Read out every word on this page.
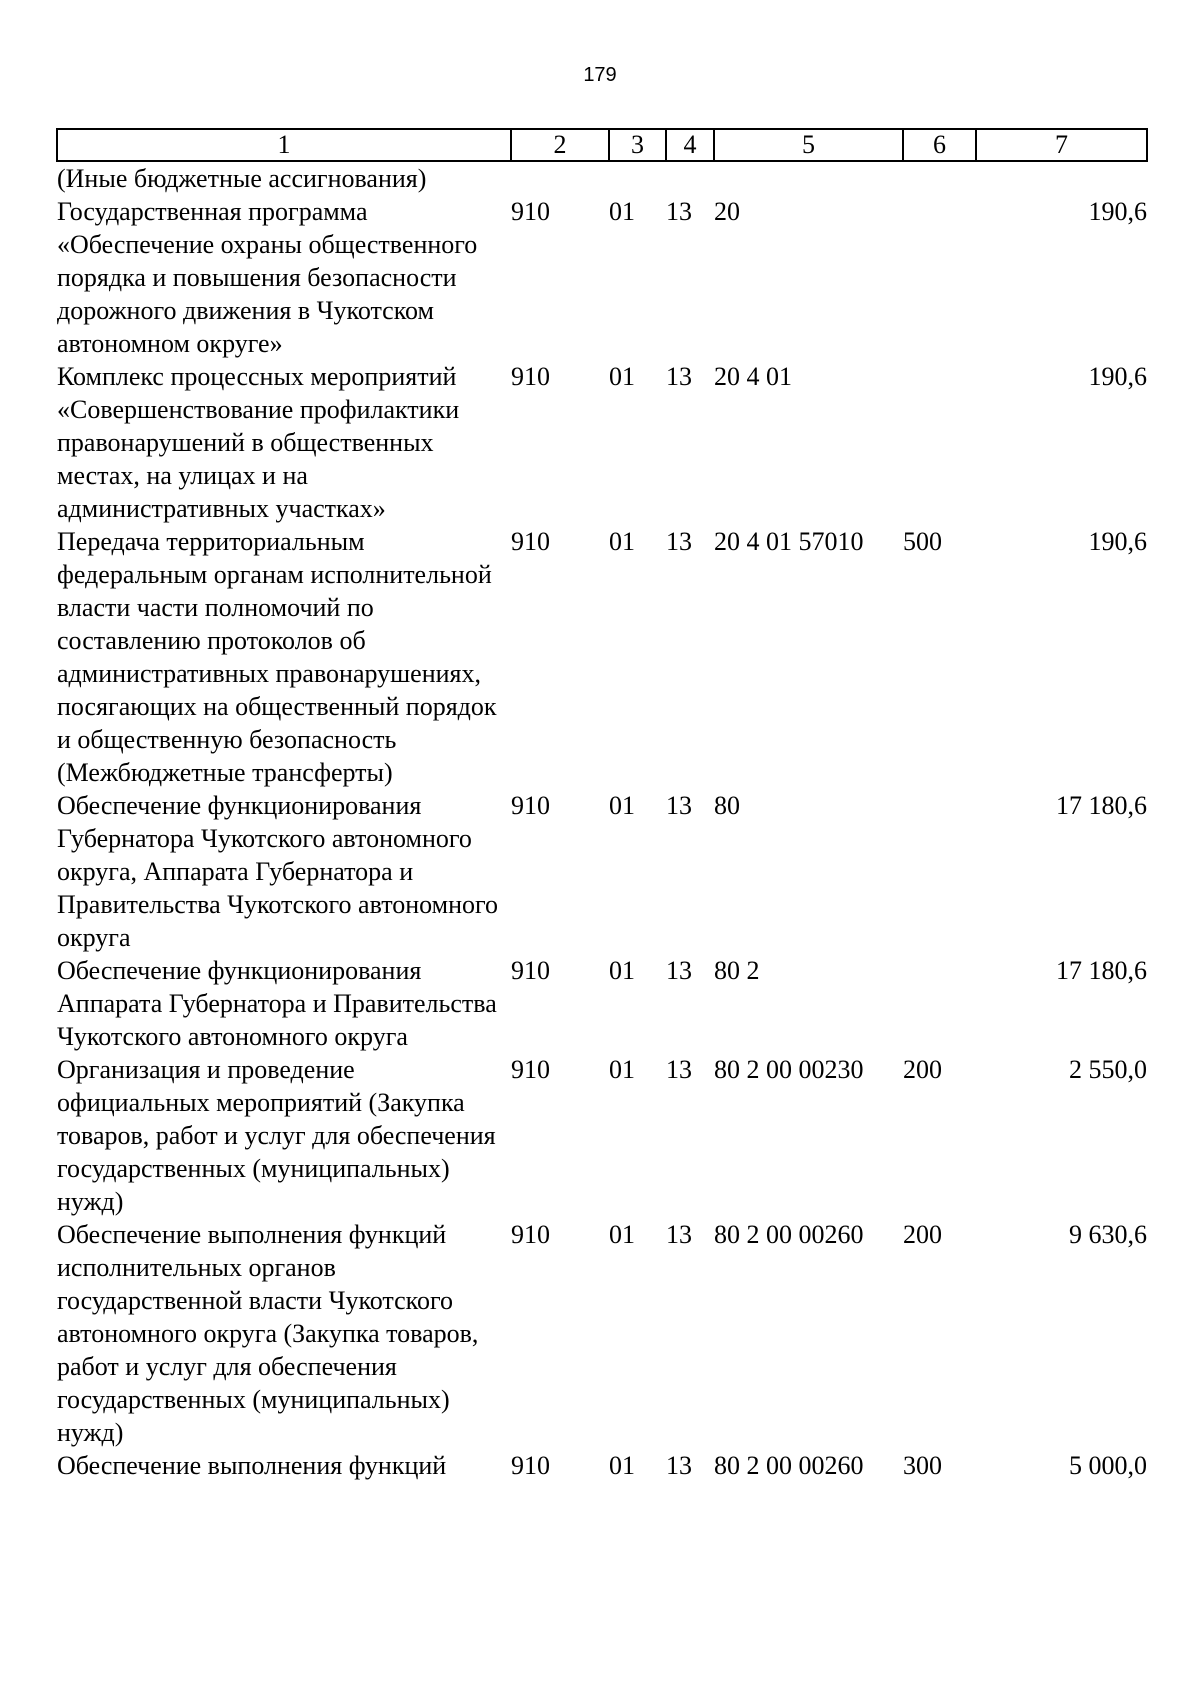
179
1	2	3	4	5	6	7
(Иные бюджетные ассигнования)						
Государственная программа «Обеспечение охраны общественного порядка и повышения безопасности дорожного движения в Чукотском автономном округе»	910	01	13	20		190,6
Комплекс процессных мероприятий «Совершенствование профилактики правонарушений в общественных местах, на улицах и на административных участках»	910	01	13	20 4 01		190,6
Передача территориальным федеральным органам исполнительной власти части полномочий по составлению протоколов об административных правонарушениях, посягающих на общественный порядок и общественную безопасность (Межбюджетные трансферты)	910	01	13	20 4 01 57010	500	190,6
Обеспечение функционирования Губернатора Чукотского автономного округа, Аппарата Губернатора и Правительства Чукотского автономного округа	910	01	13	80		17 180,6
Обеспечение функционирования Аппарата Губернатора и Правительства Чукотского автономного округа	910	01	13	80 2		17 180,6
Организация и проведение официальных мероприятий (Закупка товаров, работ и услуг для обеспечения государственных (муниципальных) нужд)	910	01	13	80 2 00 00230	200	2 550,0
Обеспечение выполнения функций исполнительных органов государственной власти Чукотского автономного округа (Закупка товаров, работ и услуг для обеспечения государственных (муниципальных) нужд)	910	01	13	80 2 00 00260	200	9 630,6
Обеспечение выполнения функций	910	01	13	80 2 00 00260	300	5 000,0
